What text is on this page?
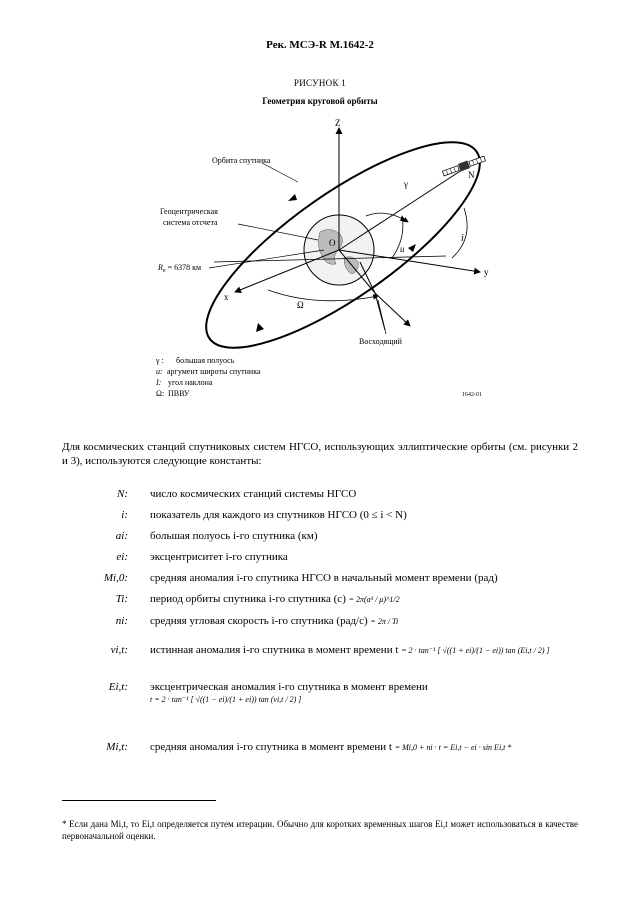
Рек. МСЭ-R M.1642-2
РИСУНОК 1
Геометрия круговой орбиты
Z
y
x
N
O
γ
u
i
Ω
Орбита спутника
Геоцентрическая
система отсчета
$R_e = 6378$ км
Восходящий
γ : большая полуось
u: аргумент широты спутника
I: угол наклона
Ω: ПВВУ	1642-01
Для космических станций спутниковых систем НГСО, использующих эллиптические орбиты (см. рисунки 2 и 3), используются следующие константы:
N: число космических станций системы НГСО
i: показатель для каждого из спутников НГСО (0 ≤ i < N)
ai: большая полуось i-го спутника (км)
ei: эксцентриситет i-го спутника
Mi,0: средняя аномалия i-го спутника НГСО в начальный момент времени (рад)
Ti: период орбиты спутника i-го спутника (с) = 2π(a³ / μ)^1/2
ni: средняя угловая скорость i-го спутника (рад/с) = 2π / Ti
νi,t: истинная аномалия i-го спутника в момент времени t = 2 · tan⁻¹ [ √((1 + ei)/(1 − ei)) tan (Ei,t / 2) ]
Ei,t: эксцентрическая аномалия i-го спутника в момент времени
t = 2 · tan⁻¹ [ √((1 − ei)/(1 + ei)) tan (νi,t / 2) ]
Mi,t: средняя аномалия i-го спутника в момент времени t = Mi,0 + ni · t = Ei,t − ei · sin Ei,t *
* Если дана Mi,t, то Ei,t определяется путем итерации. Обычно для коротких временных шагов Ei,t может использоваться в качестве первоначальной оценки.
